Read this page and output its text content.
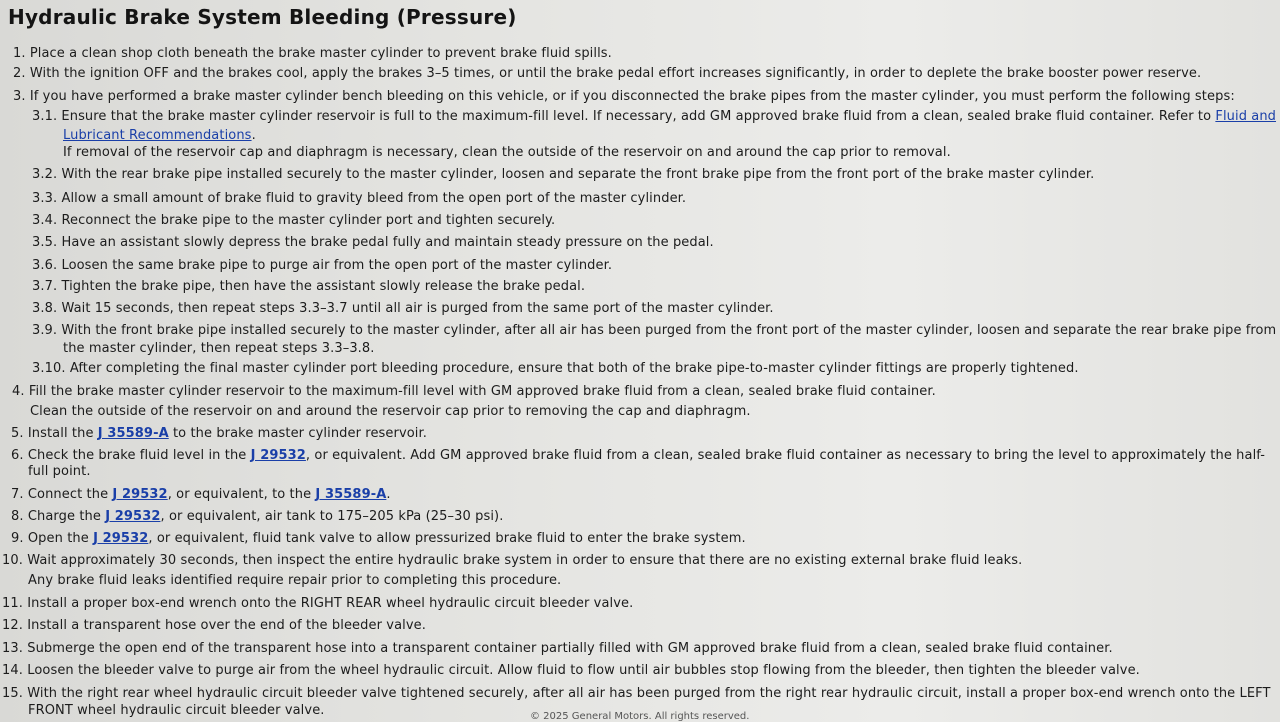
Hydraulic Brake System Bleeding (Pressure)
1. Place a clean shop cloth beneath the brake master cylinder to prevent brake fluid spills.
2. With the ignition OFF and the brakes cool, apply the brakes 3–5 times, or until the brake pedal effort increases significantly, in order to deplete the brake booster power reserve.
3. If you have performed a brake master cylinder bench bleeding on this vehicle, or if you disconnected the brake pipes from the master cylinder, you must perform the following steps:
3.1. Ensure that the brake master cylinder reservoir is full to the maximum-fill level. If necessary, add GM approved brake fluid from a clean, sealed brake fluid container. Refer to Fluid and
Lubricant Recommendations.
If removal of the reservoir cap and diaphragm is necessary, clean the outside of the reservoir on and around the cap prior to removal.
3.2. With the rear brake pipe installed securely to the master cylinder, loosen and separate the front brake pipe from the front port of the brake master cylinder.
3.3. Allow a small amount of brake fluid to gravity bleed from the open port of the master cylinder.
3.4. Reconnect the brake pipe to the master cylinder port and tighten securely.
3.5. Have an assistant slowly depress the brake pedal fully and maintain steady pressure on the pedal.
3.6. Loosen the same brake pipe to purge air from the open port of the master cylinder.
3.7. Tighten the brake pipe, then have the assistant slowly release the brake pedal.
3.8. Wait 15 seconds, then repeat steps 3.3–3.7 until all air is purged from the same port of the master cylinder.
3.9. With the front brake pipe installed securely to the master cylinder, after all air has been purged from the front port of the master cylinder, loosen and separate the rear brake pipe from
the master cylinder, then repeat steps 3.3–3.8.
3.10. After completing the final master cylinder port bleeding procedure, ensure that both of the brake pipe-to-master cylinder fittings are properly tightened.
4. Fill the brake master cylinder reservoir to the maximum-fill level with GM approved brake fluid from a clean, sealed brake fluid container.
Clean the outside of the reservoir on and around the reservoir cap prior to removing the cap and diaphragm.
5. Install the J 35589-A to the brake master cylinder reservoir.
6. Check the brake fluid level in the J 29532, or equivalent. Add GM approved brake fluid from a clean, sealed brake fluid container as necessary to bring the level to approximately the half-
full point.
7. Connect the J 29532, or equivalent, to the J 35589-A.
8. Charge the J 29532, or equivalent, air tank to 175–205 kPa (25–30 psi).
9. Open the J 29532, or equivalent, fluid tank valve to allow pressurized brake fluid to enter the brake system.
10. Wait approximately 30 seconds, then inspect the entire hydraulic brake system in order to ensure that there are no existing external brake fluid leaks.
Any brake fluid leaks identified require repair prior to completing this procedure.
11. Install a proper box-end wrench onto the RIGHT REAR wheel hydraulic circuit bleeder valve.
12. Install a transparent hose over the end of the bleeder valve.
13. Submerge the open end of the transparent hose into a transparent container partially filled with GM approved brake fluid from a clean, sealed brake fluid container.
14. Loosen the bleeder valve to purge air from the wheel hydraulic circuit. Allow fluid to flow until air bubbles stop flowing from the bleeder, then tighten the bleeder valve.
15. With the right rear wheel hydraulic circuit bleeder valve tightened securely, after all air has been purged from the right rear hydraulic circuit, install a proper box-end wrench onto the LEFT
FRONT wheel hydraulic circuit bleeder valve.	© 2025 General Motors. All rights reserved.
